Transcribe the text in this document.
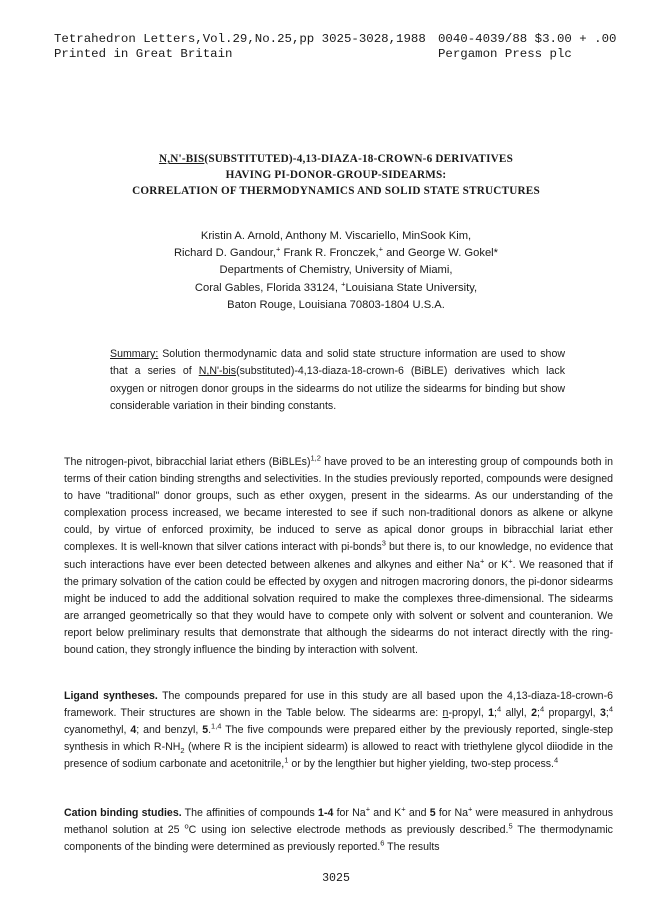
Tetrahedron Letters,Vol.29,No.25,pp 3025-3028,1988
Printed in Great Britain
0040-4039/88 $3.00 + .00
Pergamon Press plc
N,N'-BIS(SUBSTITUTED)-4,13-DIAZA-18-CROWN-6 DERIVATIVES
HAVING PI-DONOR-GROUP-SIDEARMS:
CORRELATION OF THERMODYNAMICS AND SOLID STATE STRUCTURES
Kristin A. Arnold, Anthony M. Viscariello, MinSook Kim,
Richard D. Gandour,+ Frank R. Fronczek,+ and George W. Gokel*
Departments of Chemistry, University of Miami,
Coral Gables, Florida 33124, +Louisiana State University,
Baton Rouge, Louisiana 70803-1804 U.S.A.
Summary: Solution thermodynamic data and solid state structure information are used to show that a series of N,N'-bis(substituted)-4,13-diaza-18-crown-6 (BiBLE) derivatives which lack oxygen or nitrogen donor groups in the sidearms do not utilize the sidearms for binding but show considerable variation in their binding constants.
The nitrogen-pivot, bibracchial lariat ethers (BiBLEs)$^{1,2}$ have proved to be an interesting group of compounds both in terms of their cation binding strengths and selectivities. In the studies previously reported, compounds were designed to have "traditional" donor groups, such as ether oxygen, present in the sidearms. As our understanding of the complexation process increased, we became interested to see if such non-traditional donors as alkene or alkyne could, by virtue of enforced proximity, be induced to serve as apical donor groups in bibracchial lariat ether complexes. It is well-known that silver cations interact with pi-bonds$^3$ but there is, to our knowledge, no evidence that such interactions have ever been detected between alkenes and alkynes and either Na+ or K+. We reasoned that if the primary solvation of the cation could be effected by oxygen and nitrogen macroring donors, the pi-donor sidearms might be induced to add the additional solvation required to make the complexes three-dimensional. The sidearms are arranged geometrically so that they would have to compete only with solvent or solvent and counteranion. We report below preliminary results that demonstrate that although the sidearms do not interact directly with the ring-bound cation, they strongly influence the binding by interaction with solvent.
Ligand syntheses. The compounds prepared for use in this study are all based upon the 4,13-diaza-18-crown-6 framework. Their structures are shown in the Table below. The sidearms are: n-propyl, 1;$^4$ allyl, 2;$^4$ propargyl, 3;$^4$ cyanomethyl, 4; and benzyl, 5.$^{1,4}$ The five compounds were prepared either by the previously reported, single-step synthesis in which $R-NH_2$ (where R is the incipient sidearm) is allowed to react with triethylene glycol diiodide in the presence of sodium carbonate and acetonitrile,$^1$ or by the lengthier but higher yielding, two-step process.$^4$
Cation binding studies. The affinities of compounds 1-4 for Na+ and K+ and 5 for Na+ were measured in anhydrous methanol solution at 25 $^o$C using ion selective electrode methods as previously described.$^5$ The thermodynamic components of the binding were determined as previously reported.$^6$ The results
3025
